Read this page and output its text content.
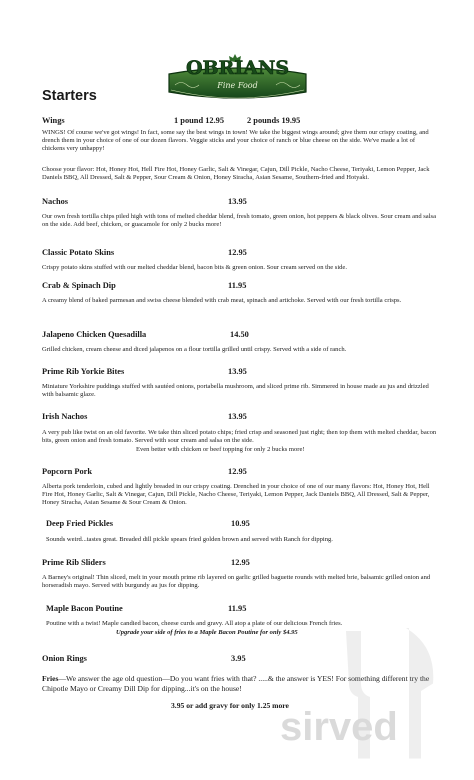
OBRIANS
Fine Food
Starters
Wings	1 pound 12.95	2 pounds 19.95
WINGS! Of course we've got wings! In fact, some say the best wings in town! We take the biggest wings around; give them our crispy coating, and drench them in your choice of one of our dozen flavors. Veggie sticks and your choice of ranch or blue cheese on the side. We've made a lot of chickens very unhappy!
Choose your flavor: Hot, Honey Hot, Hell Fire Hot, Honey Garlic, Salt & Vinegar, Cajun, Dill Pickle, Nacho Cheese, Teriyaki, Lemon Pepper, Jack Daniels BBQ, All Dressed, Salt & Pepper, Sour Cream & Onion, Honey Siracha, Asian Sesame, Southern-fried and Hotyaki.
Nachos	13.95
Our own fresh tortilla chips piled high with tons of melted cheddar blend, fresh tomato, green onion, hot peppers & black olives. Sour cream and salsa on the side. Add beef, chicken, or guacamole for only 2 bucks more!
Classic Potato Skins	12.95
Crispy potato skins stuffed with our melted cheddar blend, bacon bits & green onion. Sour cream served on the side.
Crab & Spinach Dip	11.95
A creamy blend of baked parmesan and swiss cheese blended with crab meat, spinach and artichoke. Served with our fresh tortilla crisps.
Jalapeno Chicken Quesadilla	14.50
Grilled chicken, cream cheese and diced jalapenos on a flour tortilla grilled until crispy. Served with a side of ranch.
Prime Rib Yorkie Bites	13.95
Miniature Yorkshire puddings stuffed with sautéed onions, portabella mushroom, and sliced prime rib. Simmered in house made au jus and drizzled with balsamic glaze.
Irish Nachos	13.95
A very pub like twist on an old favorite. We take thin sliced potato chips; fried crisp and seasoned just right; then top them with melted cheddar, bacon bits, green onion and fresh tomato. Served with sour cream and salsa on the side.
Even better with chicken or beef topping for only 2 bucks more!
Popcorn Pork	12.95
Alberta pork tenderloin, cubed and lightly breaded in our crispy coating. Drenched in your choice of one of our many flavors: Hot, Honey Hot, Hell Fire Hot, Honey Garlic, Salt & Vinegar, Cajun, Dill Pickle, Nacho Cheese, Teriyaki, Lemon Pepper, Jack Daniels BBQ, All Dressed, Salt & Pepper, Honey Siracha, Asian Sesame & Sour Cream & Onion.
Deep Fried Pickles	10.95
Sounds weird...tastes great. Breaded dill pickle spears fried golden brown and served with Ranch for dipping.
Prime Rib Sliders	12.95
A Barney's original! Thin sliced, melt in your mouth prime rib layered on garlic grilled baguette rounds with melted brie, balsamic grilled onion and horseradish mayo. Served with burgundy au jus for dipping.
Maple Bacon Poutine	11.95
Poutine with a twist! Maple candied bacon, cheese curds and gravy. All atop a plate of our delicious French fries.
Upgrade your side of fries to a Maple Bacon Poutine for only $4.95
Onion Rings	3.95
Fries—We answer the age old question—Do you want fries with that? .....& the answer is YES! For something different try the Chipotle Mayo or Creamy Dill Dip for dipping...it's on the house!
3.95 or add gravy for only 1.25 more
sirved
